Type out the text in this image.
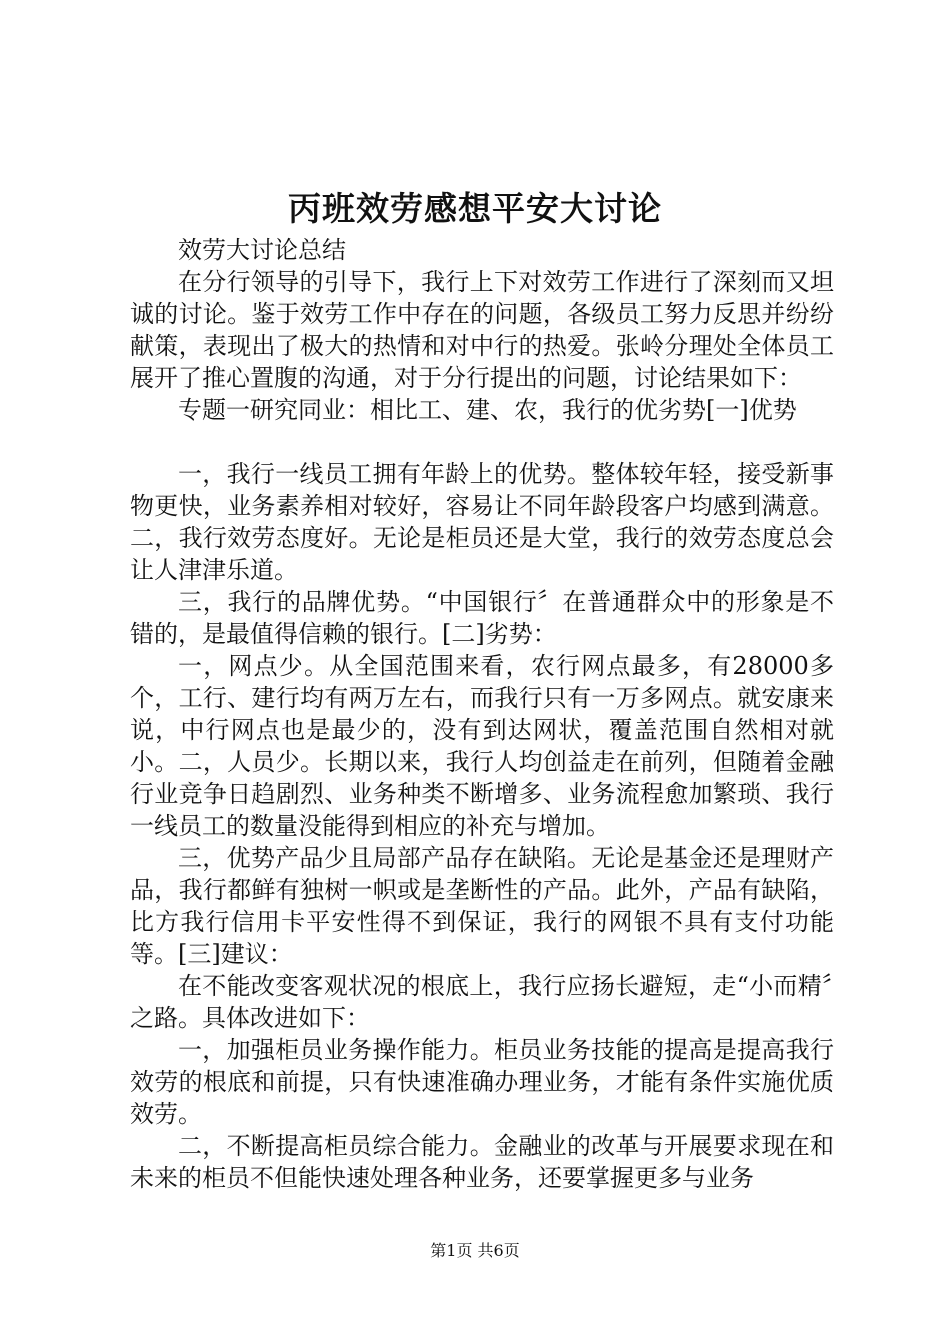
丙班效劳感想平安大讨论

效劳大讨论总结

在分行领导的引导下，我行上下对效劳工作进行了深刻而又坦诚的讨论。鉴于效劳工作中存在的问题，各级员工努力反思并纷纷献策，表现出了极大的热情和对中行的热爱。张岭分理处全体员工展开了推心置腹的沟通，对于分行提出的问题，讨论结果如下：

专题一研究同业：相比工、建、农，我行的优劣势[一]优势

一，我行一线员工拥有年龄上的优势。整体较年轻，接受新事物更快，业务素养相对较好，容易让不同年龄段客户均感到满意。二，我行效劳态度好。无论是柜员还是大堂，我行的效劳态度总会让人津津乐道。

三，我行的品牌优势。“中国银行〞在普通群众中的形象是不错的，是最值得信赖的银行。[二]劣势：

一，网点少。从全国范围来看，农行网点最多，有28000多个，工行、建行均有两万左右，而我行只有一万多网点。就安康来说，中行网点也是最少的，没有到达网状，覆盖范围自然相对就小。二，人员少。长期以来，我行人均创益走在前列，但随着金融行业竞争日趋剧烈、业务种类不断增多、业务流程愈加繁琐、我行一线员工的数量没能得到相应的补充与增加。

三，优势产品少且局部产品存在缺陷。无论是基金还是理财产品，我行都鲜有独树一帜或是垄断性的产品。此外，产品有缺陷，比方我行信用卡平安性得不到保证，我行的网银不具有支付功能等。[三]建议：

在不能改变客观状况的根底上，我行应扬长避短，走“小而精〞之路。具体改进如下：

一，加强柜员业务操作能力。柜员业务技能的提高是提高我行效劳的根底和前提，只有快速准确办理业务，才能有条件实施优质效劳。

二，不断提高柜员综合能力。金融业的改革与开展要求现在和未来的柜员不但能快速处理各种业务，还要掌握更多与业务

第1页 共6页
